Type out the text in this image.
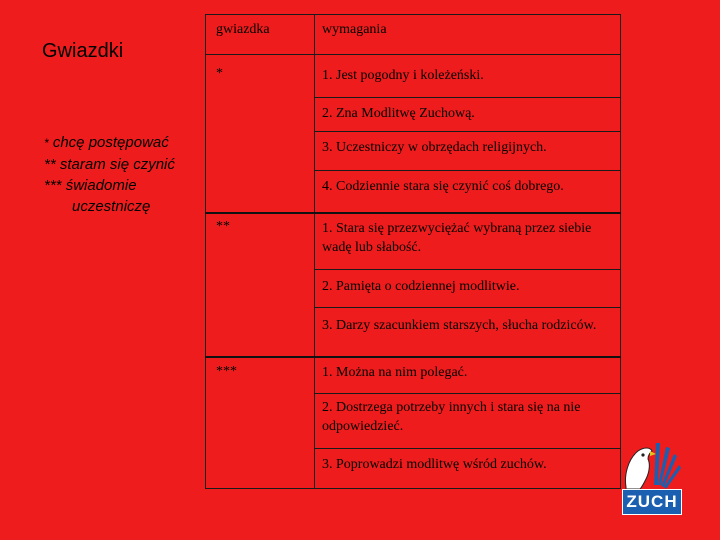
Gwiazdki
* chcę postępować
** staram się czynić
*** świadomie
uczestniczę
gwiazdka	wymagania
*	1. Jest pogodny i koleżeński.
2. Zna Modlitwę Zuchową.
3. Uczestniczy w obrzędach religijnych.
4. Codziennie stara się czynić coś dobrego.
**	1. Stara się przezwyciężać wybraną przez siebie wadę lub słabość.
2. Pamięta o codziennej modlitwie.
3. Darzy szacunkiem starszych, słucha rodziców.
***	1. Można na nim polegać.
2. Dostrzega potrzeby innych i stara się na nie odpowiedzieć.
3. Poprowadzi modlitwę wśród zuchów.
ZUCH
